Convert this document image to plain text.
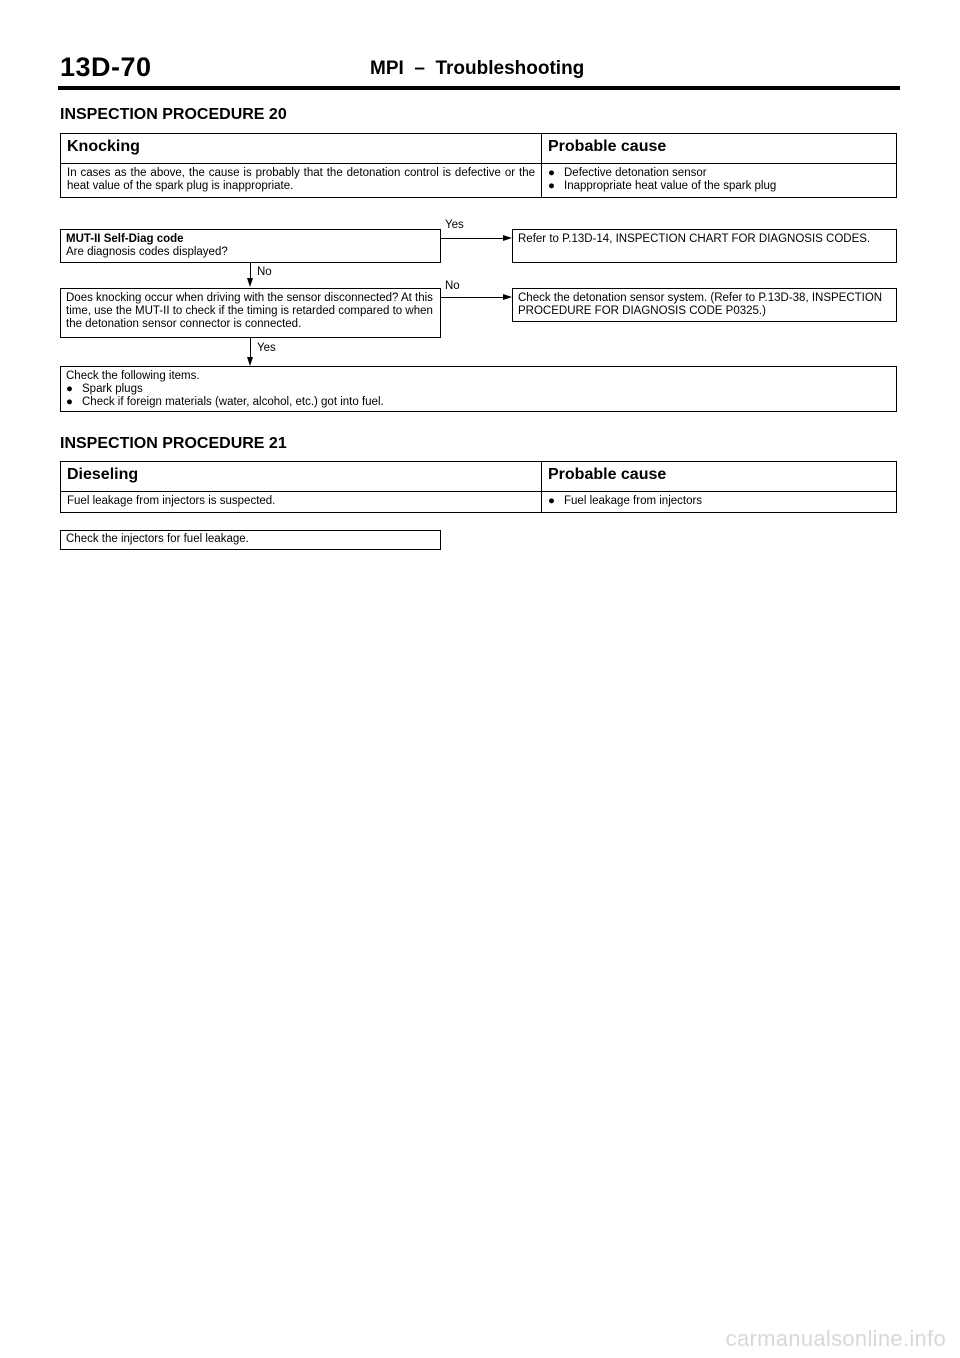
13D-70	MPI  –  Troubleshooting
INSPECTION PROCEDURE 20
Knocking	Probable cause
In cases as the above, the cause is probably that the detonation control is defective or the heat value of the spark plug is inappropriate.	● Defective detonation sensor
● Inappropriate heat value of the spark plug
MUT-II Self-Diag code
Are diagnosis codes displayed?
Yes
Refer to P.13D-14, INSPECTION CHART FOR DIAGNOSIS CODES.
No
Does knocking occur when driving with the sensor disconnected? At this time, use the MUT-II to check if the timing is retarded compared to when the detonation sensor connector is connected.
No
Check the detonation sensor system. (Refer to P.13D-38, INSPECTION PROCEDURE FOR DIAGNOSIS CODE P0325.)
Yes
Check the following items.
● Spark plugs
● Check if foreign materials (water, alcohol, etc.) got into fuel.
INSPECTION PROCEDURE 21
Dieseling	Probable cause
Fuel leakage from injectors is suspected.	● Fuel leakage from injectors
Check the injectors for fuel leakage.
carmanualsonline.info
